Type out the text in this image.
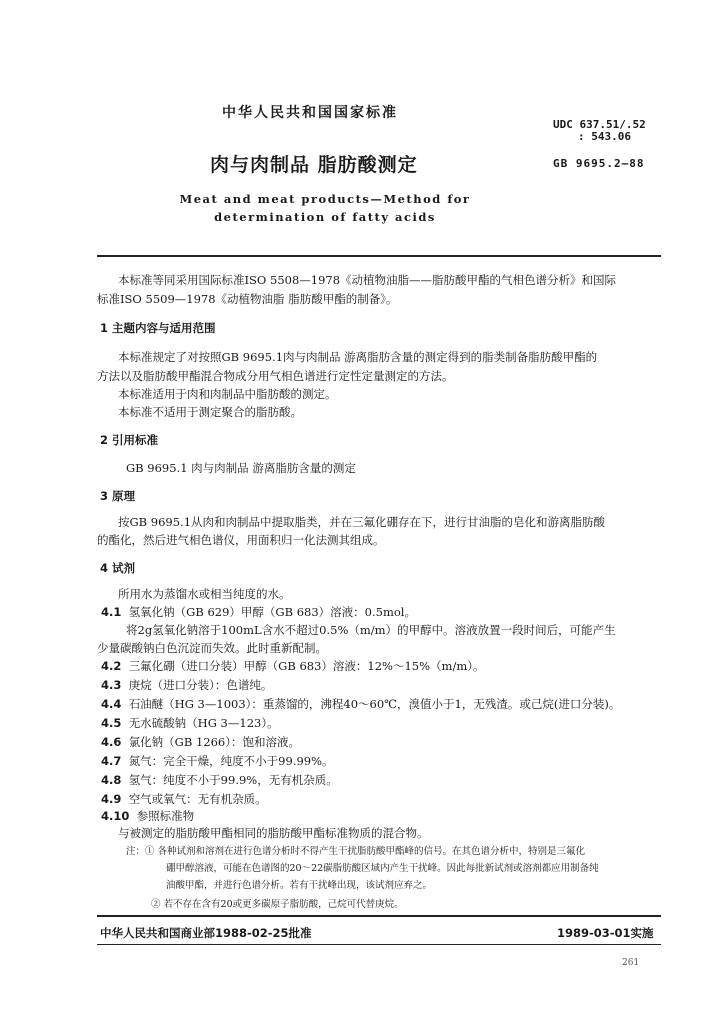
中华人民共和国国家标准
UDC 637.51/.52
: 543.06
肉与肉制品 脂肪酸测定	GB 9695.2—88
Meat and meat products—Method for
determination of fatty acids
本标准等同采用国际标准ISO 5508—1978《动植物油脂——脂肪酸甲酯的气相色谱分析》和国际
标准ISO 5509—1978《动植物油脂 脂肪酸甲酯的制备》。
1 主题内容与适用范围
本标准规定了对按照GB 9695.1肉与肉制品 游离脂肪含量的测定得到的脂类制备脂肪酸甲酯的
方法以及脂肪酸甲酯混合物成分用气相色谱进行定性定量测定的方法。
本标准适用于肉和肉制品中脂肪酸的测定。
本标准不适用于测定聚合的脂肪酸。
2 引用标准
GB 9695.1 肉与肉制品 游离脂肪含量的测定
3 原理
按GB 9695.1从肉和肉制品中提取脂类，并在三氟化硼存在下，进行甘油脂的皂化和游离脂肪酸
的酯化，然后进气相色谱仪，用面积归一化法测其组成。
4 试剂
所用水为蒸馏水或相当纯度的水。
4.1 氢氧化钠（GB 629）甲醇（GB 683）溶液：0.5mol。
将2g氢氧化钠溶于100mL含水不超过0.5%（m/m）的甲醇中。溶液放置一段时间后，可能产生
少量碳酸钠白色沉淀而失效。此时重新配制。
4.2 三氟化硼（进口分装）甲醇（GB 683）溶液：12%～15%（m/m）。
4.3 庚烷（进口分装）：色谱纯。
4.4 石油醚（HG 3—1003）：重蒸馏的，沸程40～60℃，溴值小于1，无残渣。或己烷(进口分装)。
4.5 无水硫酸钠（HG 3—123）。
4.6 氯化钠（GB 1266）：饱和溶液。
4.7 氮气：完全干燥，纯度不小于99.99%。
4.8 氢气：纯度不小于99.9%，无有机杂质。
4.9 空气或氧气：无有机杂质。
4.10 参照标准物
与被测定的脂肪酸甲酯相同的脂肪酸甲酯标准物质的混合物。
注：① 各种试剂和溶剂在进行色谱分析时不得产生干扰脂肪酸甲酯峰的信号。在其色谱分析中，特别是三氟化
硼甲醇溶液，可能在色谱图的20～22碳脂肪酸区域内产生干扰峰。因此每批新试剂或溶剂都应用制备纯
油酸甲酯，并进行色谱分析。若有干扰峰出现，该试剂应弃之。
② 若不存在含有20或更多碳原子脂肪酸，己烷可代替庚烷。
中华人民共和国商业部1988-02-25批准	1989-03-01实施
261
